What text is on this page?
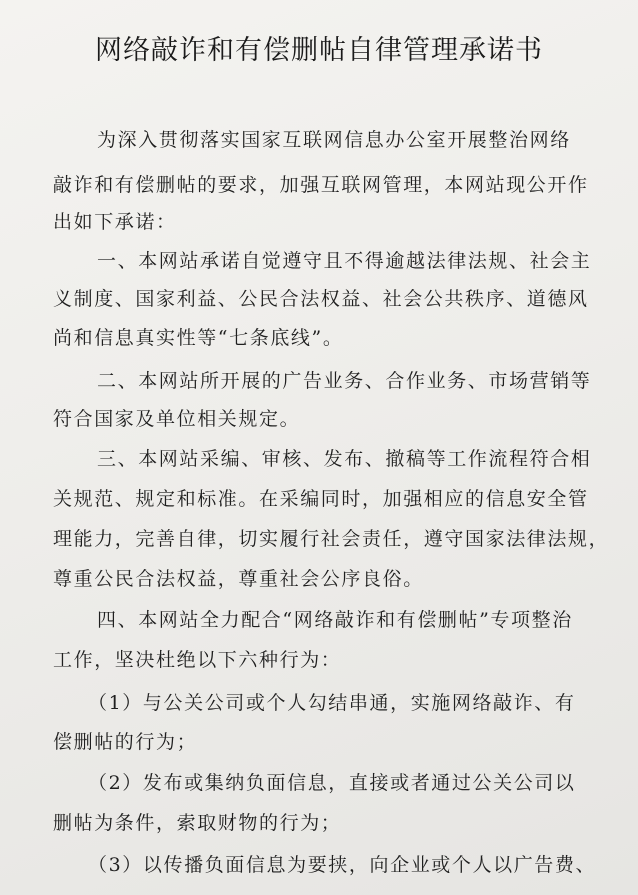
网络敲诈和有偿删帖自律管理承诺书
为深入贯彻落实国家互联网信息办公室开展整治网络
敲诈和有偿删帖的要求，加强互联网管理，本网站现公开作
出如下承诺：
一、本网站承诺自觉遵守且不得逾越法律法规、社会主
义制度、国家利益、公民合法权益、社会公共秩序、道德风
尚和信息真实性等“七条底线”。
二、本网站所开展的广告业务、合作业务、市场营销等
符合国家及单位相关规定。
三、本网站采编、审核、发布、撤稿等工作流程符合相
关规范、规定和标准。在采编同时，加强相应的信息安全管
理能力，完善自律，切实履行社会责任，遵守国家法律法规，
尊重公民合法权益，尊重社会公序良俗。
四、本网站全力配合“网络敲诈和有偿删帖”专项整治
工作，坚决杜绝以下六种行为：
（1）与公关公司或个人勾结串通，实施网络敲诈、有
偿删帖的行为；
（2）发布或集纳负面信息，直接或者通过公关公司以
删帖为条件，索取财物的行为；
（3）以传播负面信息为要挟，向企业或个人以广告费、
